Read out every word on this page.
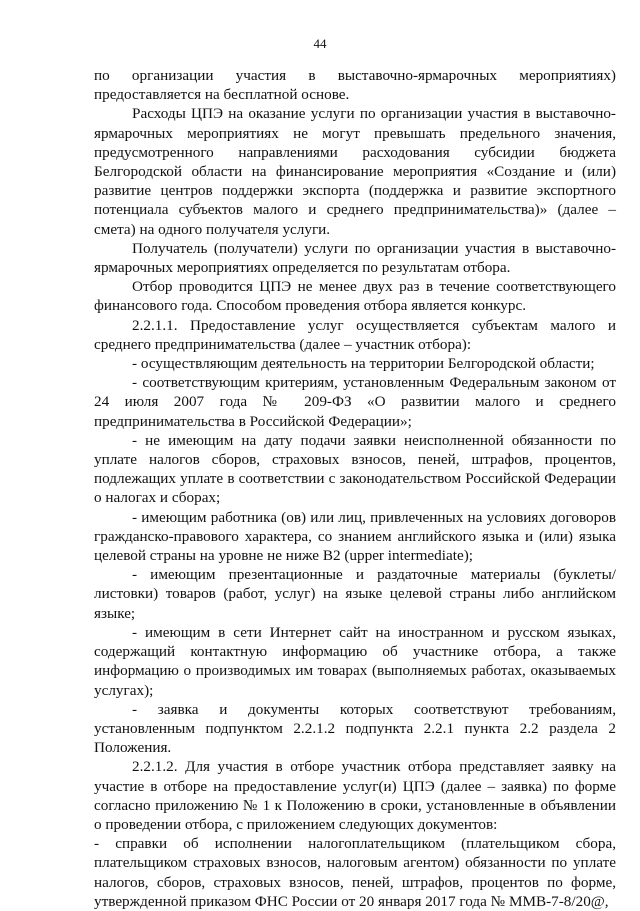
44

по организации участия в выставочно-ярмарочных мероприятиях) предоставляется на бесплатной основе.

Расходы ЦПЭ на оказание услуги по организации участия в выставочно-ярмарочных мероприятиях не могут превышать предельного значения, предусмотренного направлениями расходования субсидии бюджета Белгородской области на финансирование мероприятия «Создание и (или) развитие центров поддержки экспорта (поддержка и развитие экспортного потенциала субъектов малого и среднего предпринимательства)» (далее – смета) на одного получателя услуги.

Получатель (получатели) услуги по организации участия в выставочно-ярмарочных мероприятиях определяется по результатам отбора.

Отбор проводится ЦПЭ не менее двух раз в течение соответствующего финансового года. Способом проведения отбора является конкурс.

2.2.1.1. Предоставление услуг осуществляется субъектам малого и среднего предпринимательства (далее – участник отбора):

- осуществляющим деятельность на территории Белгородской области;

- соответствующим критериям, установленным Федеральным законом от 24 июля 2007 года № 209-ФЗ «О развитии малого и среднего предпринимательства в Российской Федерации»;

- не имеющим на дату подачи заявки неисполненной обязанности по уплате налогов сборов, страховых взносов, пеней, штрафов, процентов, подлежащих уплате в соответствии с законодательством Российской Федерации о налогах и сборах;

- имеющим работника (ов) или лиц, привлеченных на условиях договоров гражданско-правового характера, со знанием английского языка и (или) языка целевой страны на уровне не ниже B2 (upper intermediate);

- имеющим презентационные и раздаточные материалы (буклеты/листовки) товаров (работ, услуг) на языке целевой страны либо английском языке;

- имеющим в сети Интернет сайт на иностранном и русском языках, содержащий контактную информацию об участнике отбора, а также информацию о производимых им товарах (выполняемых работах, оказываемых услугах);

- заявка и документы которых соответствуют требованиям, установленным подпунктом 2.2.1.2 подпункта 2.2.1 пункта 2.2 раздела 2 Положения.

2.2.1.2. Для участия в отборе участник отбора представляет заявку на участие в отборе на предоставление услуг(и) ЦПЭ (далее – заявка) по форме согласно приложению № 1 к Положению в сроки, установленные в объявлении о проведении отбора, с приложением следующих документов:

- справки об исполнении налогоплательщиком (плательщиком сбора, плательщиком страховых взносов, налоговым агентом) обязанности по уплате налогов, сборов, страховых взносов, пеней, штрафов, процентов по форме, утвержденной приказом ФНС России от 20 января 2017 года № ММВ-7-8/20@,
